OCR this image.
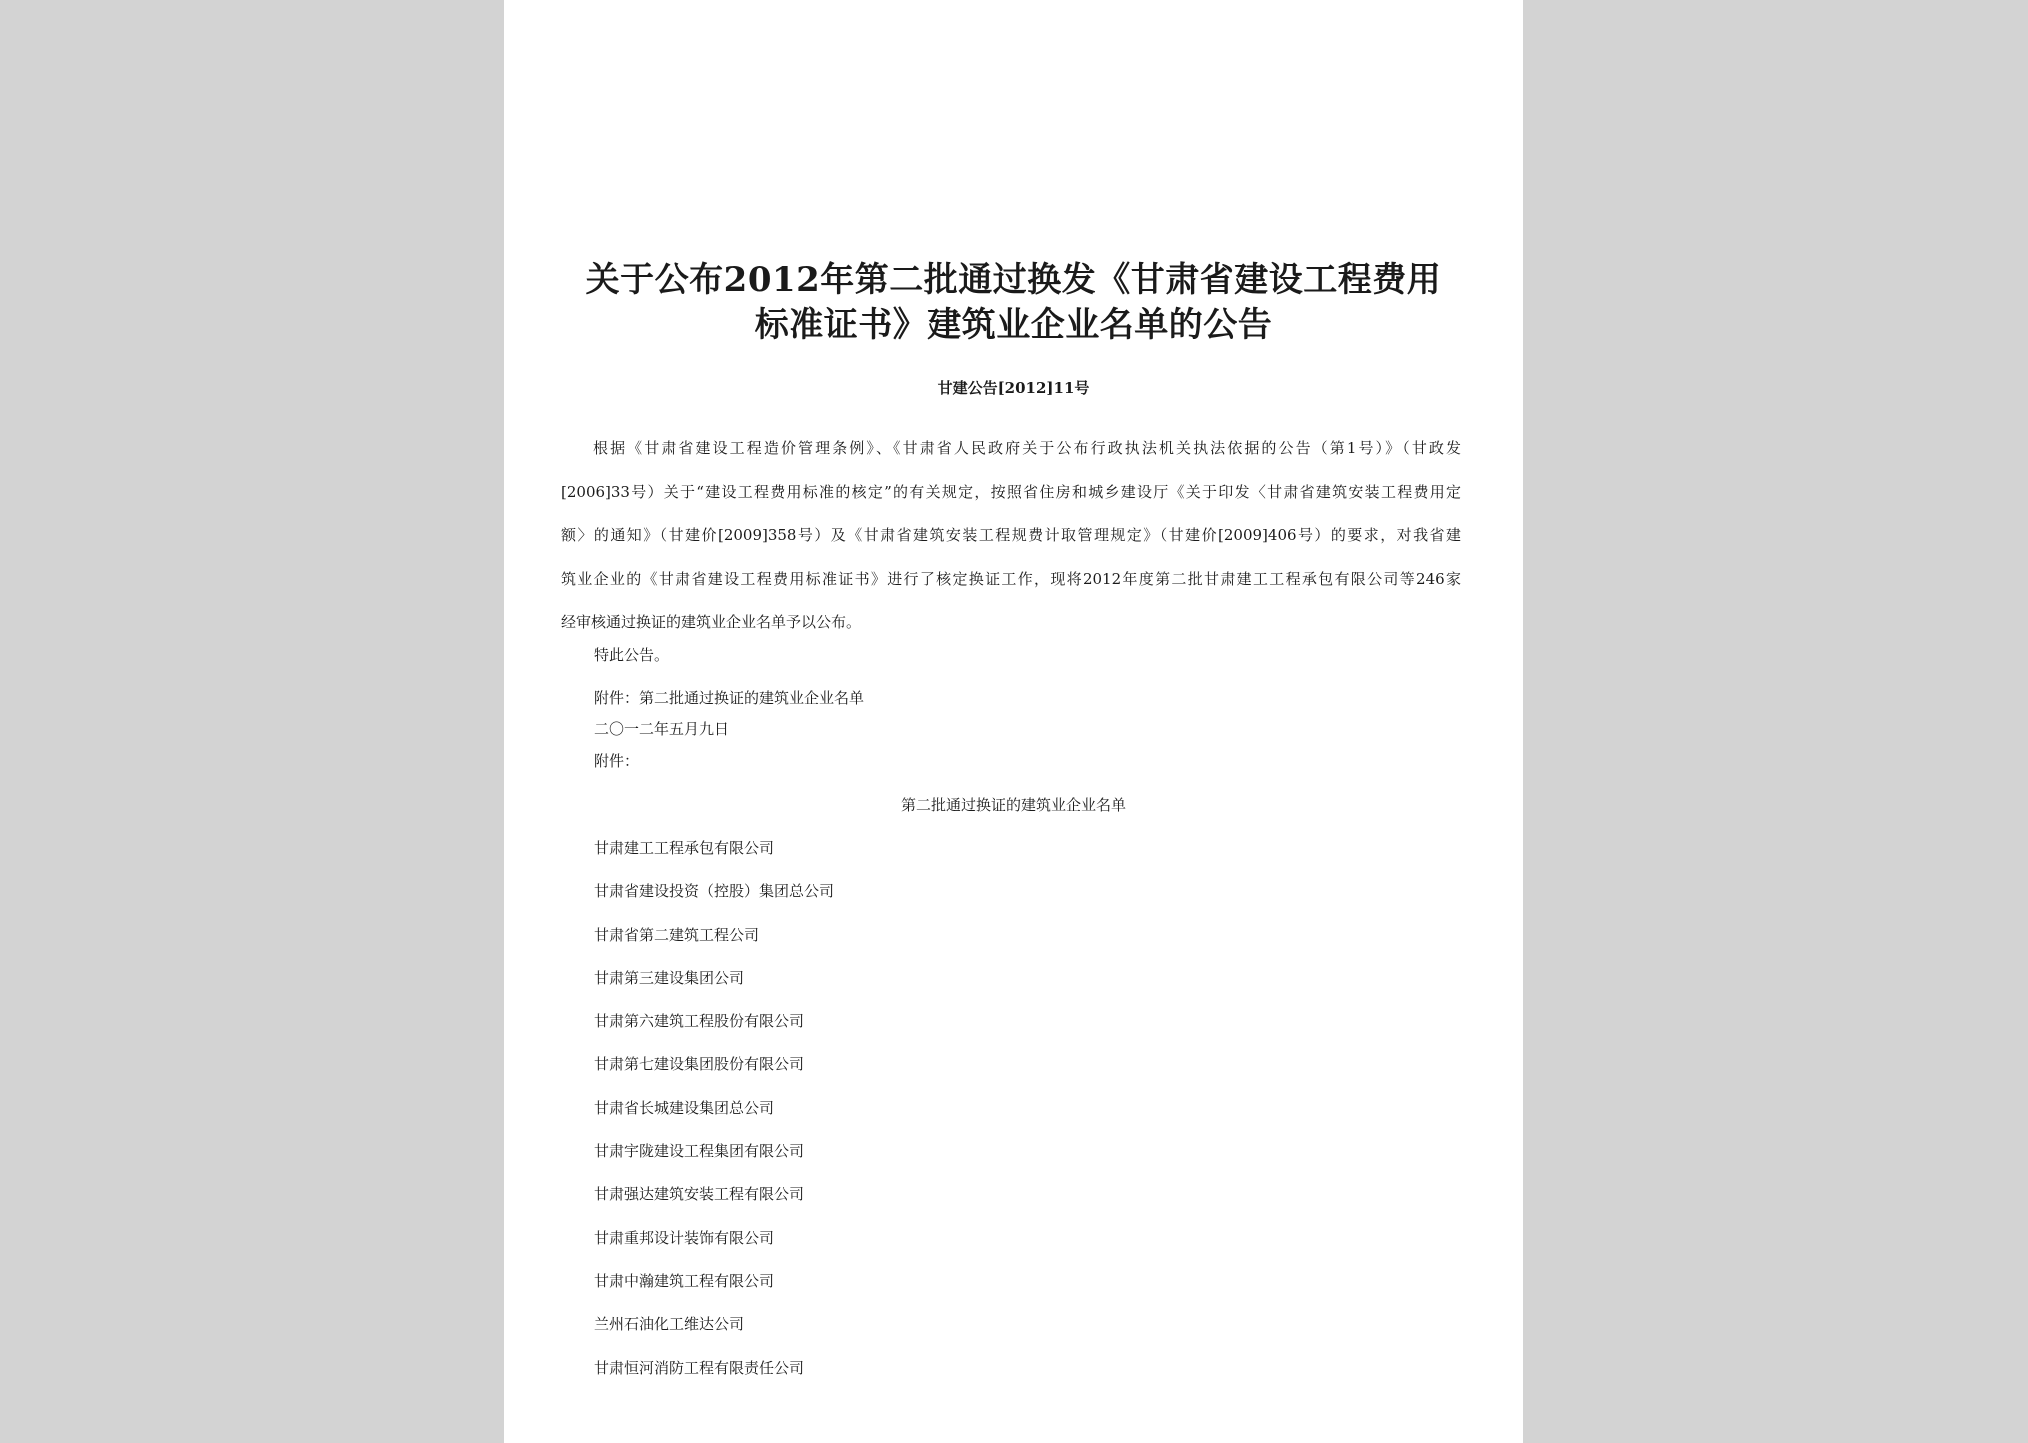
关于公布2012年第二批通过换发《甘肃省建设工程费用
标准证书》建筑业企业名单的公告
甘建公告[2012]11号
根据《甘肃省建设工程造价管理条例》、《甘肃省人民政府关于公布行政执法机关执法依据的公告（第1号）》（甘政发
[2006]33号）关于“建设工程费用标准的核定”的有关规定，按照省住房和城乡建设厅《关于印发〈甘肃省建筑安装工程费用定
额〉的通知》（甘建价[2009]358号）及《甘肃省建筑安装工程规费计取管理规定》（甘建价[2009]406号）的要求，对我省建
筑业企业的《甘肃省建设工程费用标准证书》进行了核定换证工作，现将2012年度第二批甘肃建工工程承包有限公司等246家
经审核通过换证的建筑业企业名单予以公布。
特此公告。
附件：第二批通过换证的建筑业企业名单
二〇一二年五月九日
附件：
第二批通过换证的建筑业企业名单
甘肃建工工程承包有限公司
甘肃省建设投资（控股）集团总公司
甘肃省第二建筑工程公司
甘肃第三建设集团公司
甘肃第六建筑工程股份有限公司
甘肃第七建设集团股份有限公司
甘肃省长城建设集团总公司
甘肃宇陇建设工程集团有限公司
甘肃强达建筑安装工程有限公司
甘肃重邦设计装饰有限公司
甘肃中瀚建筑工程有限公司
兰州石油化工维达公司
甘肃恒河消防工程有限责任公司
